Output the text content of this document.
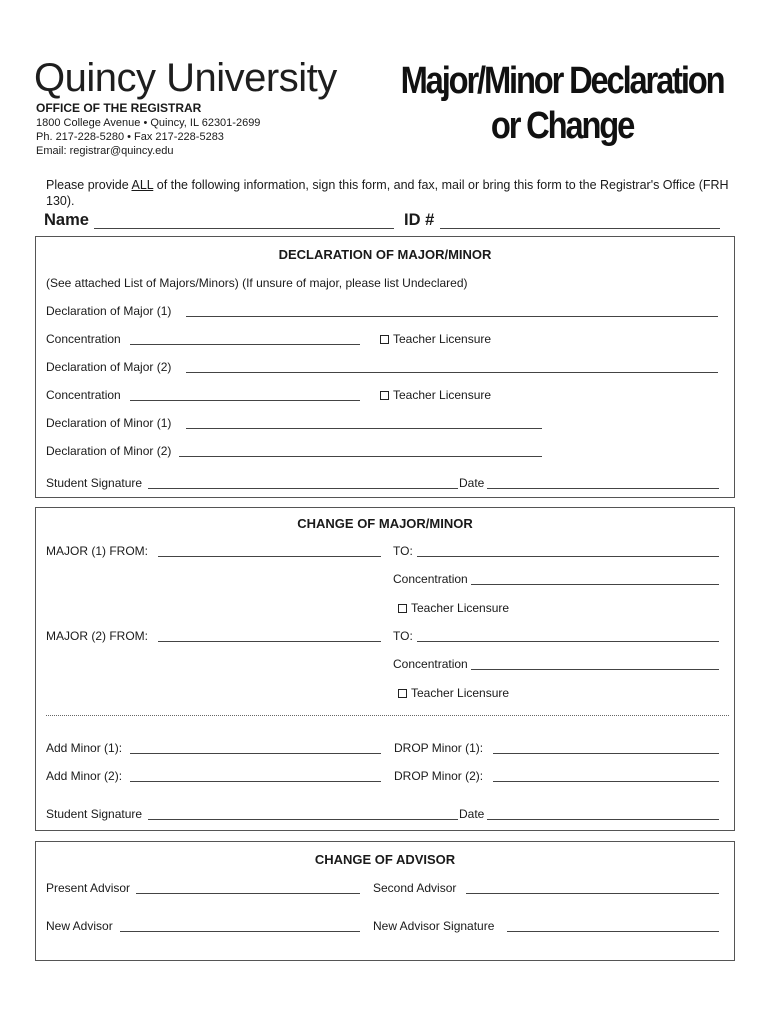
Quincy University
OFFICE OF THE REGISTRAR
1800 College Avenue • Quincy, IL 62301-2699
Ph. 217-228-5280 • Fax 217-228-5283
Email: registrar@quincy.edu
Major/Minor Declaration
or Change
Please provide ALL of the following information, sign this form, and fax, mail or bring this form to the Registrar's Office (FRH 130).
Name	ID #
DECLARATION OF MAJOR/MINOR
(See attached List of Majors/Minors) (If unsure of major, please list Undeclared)
Declaration of Major (1)
Concentration	Teacher Licensure
Declaration of Major (2)
Concentration	Teacher Licensure
Declaration of Minor (1)
Declaration of Minor (2)
Student Signature	Date
CHANGE OF MAJOR/MINOR
MAJOR (1) FROM:	TO:
Concentration
Teacher Licensure
MAJOR (2) FROM:	TO:
Concentration
Teacher Licensure
Add Minor (1):	DROP Minor (1):
Add Minor (2):	DROP Minor (2):
Student Signature	Date
CHANGE OF ADVISOR
Present Advisor	Second Advisor
New Advisor	New Advisor Signature
